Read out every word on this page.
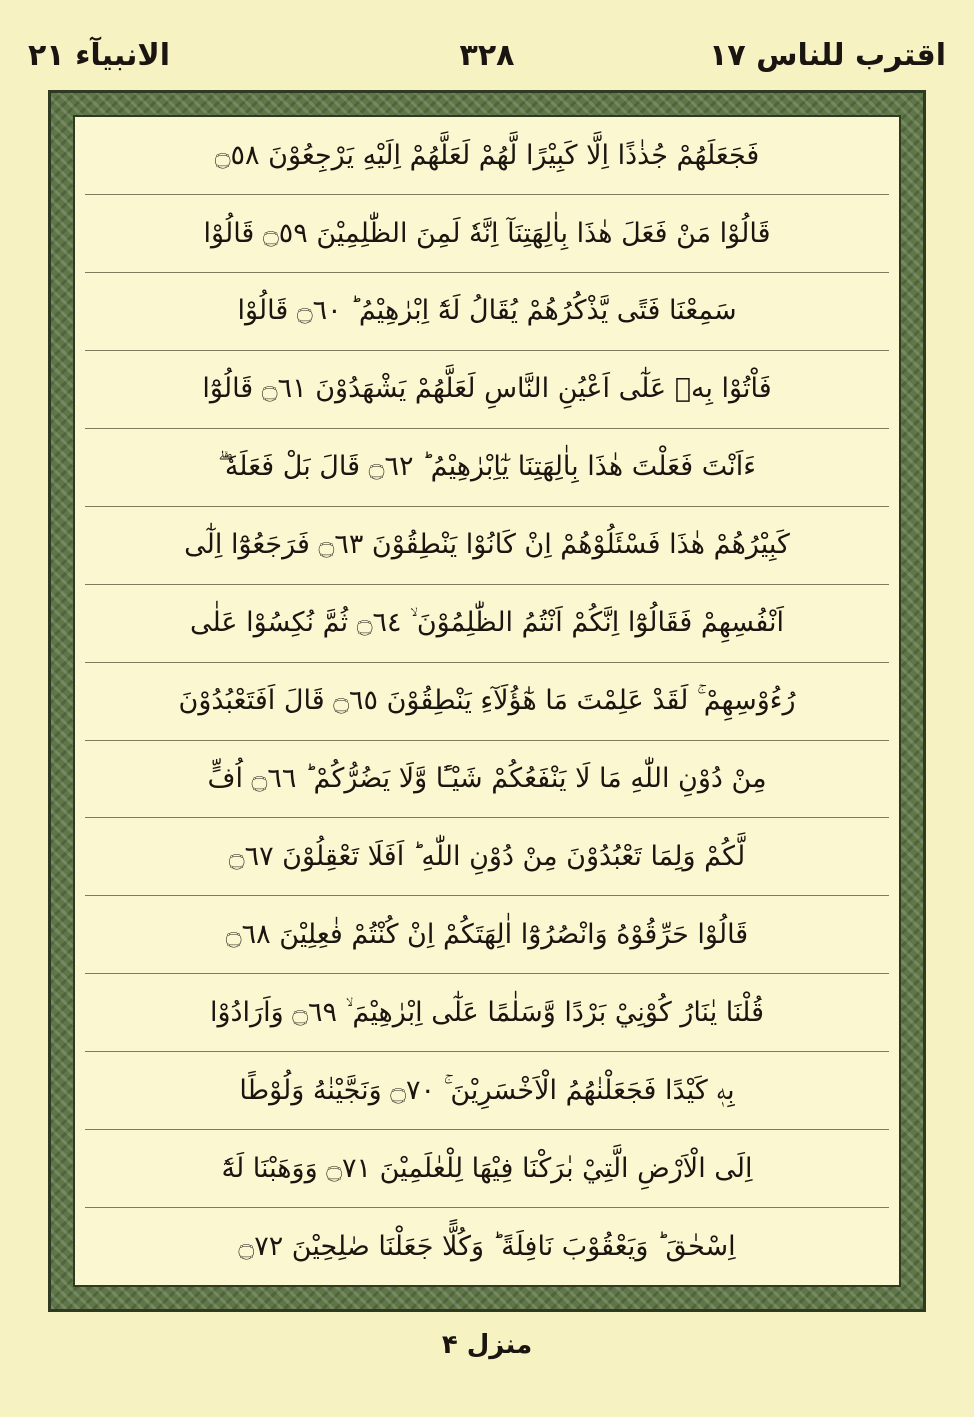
٣٢٨	اقترب للناس ١٧
الانبیآء ٢١
فَجَعَلَهُمْ جُذٰذًا اِلَّا كَبِيْرًا لَّهُمْ لَعَلَّهُمْ اِلَيْهِ يَرْجِعُوْنَ ۝٥٨
قَالُوْا مَنْ فَعَلَ هٰذَا بِاٰلِهَتِنَآ اِنَّهٗ لَمِنَ الظّٰلِمِيْنَ ۝٥٩ قَالُوْا
سَمِعْنَا فَتًى يَّذْكُرُهُمْ يُقَالُ لَهٗٓ اِبْرٰهِيْمُ ؕ ۝٦٠ قَالُوْا
فَاْتُوْا بِهٖ عَلٰٓى اَعْيُنِ النَّاسِ لَعَلَّهُمْ يَشْهَدُوْنَ ۝٦١ قَالُوْٓا
ءَاَنْتَ فَعَلْتَ هٰذَا بِاٰلِهَتِنَا يٰٓاِبْرٰهِيْمُ ؕ ۝٦٢ قَالَ بَلْ فَعَلَهٗ ۖۗ
كَبِيْرُهُمْ هٰذَا فَسْئَلُوْهُمْ اِنْ كَانُوْا يَنْطِقُوْنَ ۝٦٣ فَرَجَعُوْٓا اِلٰٓى
اَنْفُسِهِمْ فَقَالُوْٓا اِنَّكُمْ اَنْتُمُ الظّٰلِمُوْنَ ۙ ۝٦٤ ثُمَّ نُكِسُوْا عَلٰى
رُءُوْسِهِمْ ۚ لَقَدْ عَلِمْتَ مَا هٰٓؤُلَآءِ يَنْطِقُوْنَ ۝٦٥ قَالَ اَفَتَعْبُدُوْنَ
مِنْ دُوْنِ اللّٰهِ مَا لَا يَنْفَعُكُمْ شَيْـًٔا وَّلَا يَضُرُّكُمْ ؕ ۝٦٦ اُفٍّ
لَّكُمْ وَلِمَا تَعْبُدُوْنَ مِنْ دُوْنِ اللّٰهِ ؕ اَفَلَا تَعْقِلُوْنَ ۝٦٧
قَالُوْا حَرِّقُوْهُ وَانْصُرُوْٓا اٰلِهَتَكُمْ اِنْ كُنْتُمْ فٰعِلِيْنَ ۝٦٨
قُلْنَا يٰنَارُ كُوْنِيْ بَرْدًا وَّسَلٰمًا عَلٰٓى اِبْرٰهِيْمَ ۙ ۝٦٩ وَاَرَادُوْا
بِهٖ كَيْدًا فَجَعَلْنٰهُمُ الْاَخْسَرِيْنَ ۚ ۝٧٠ وَنَجَّيْنٰهُ وَلُوْطًا
اِلَى الْاَرْضِ الَّتِيْ بٰرَكْنَا فِيْهَا لِلْعٰلَمِيْنَ ۝٧١ وَوَهَبْنَا لَهٗٓ
اِسْحٰقَ ؕ وَيَعْقُوْبَ نَافِلَةً ؕ وَكُلًّا جَعَلْنَا صٰلِحِيْنَ ۝٧٢
منزل ۴
